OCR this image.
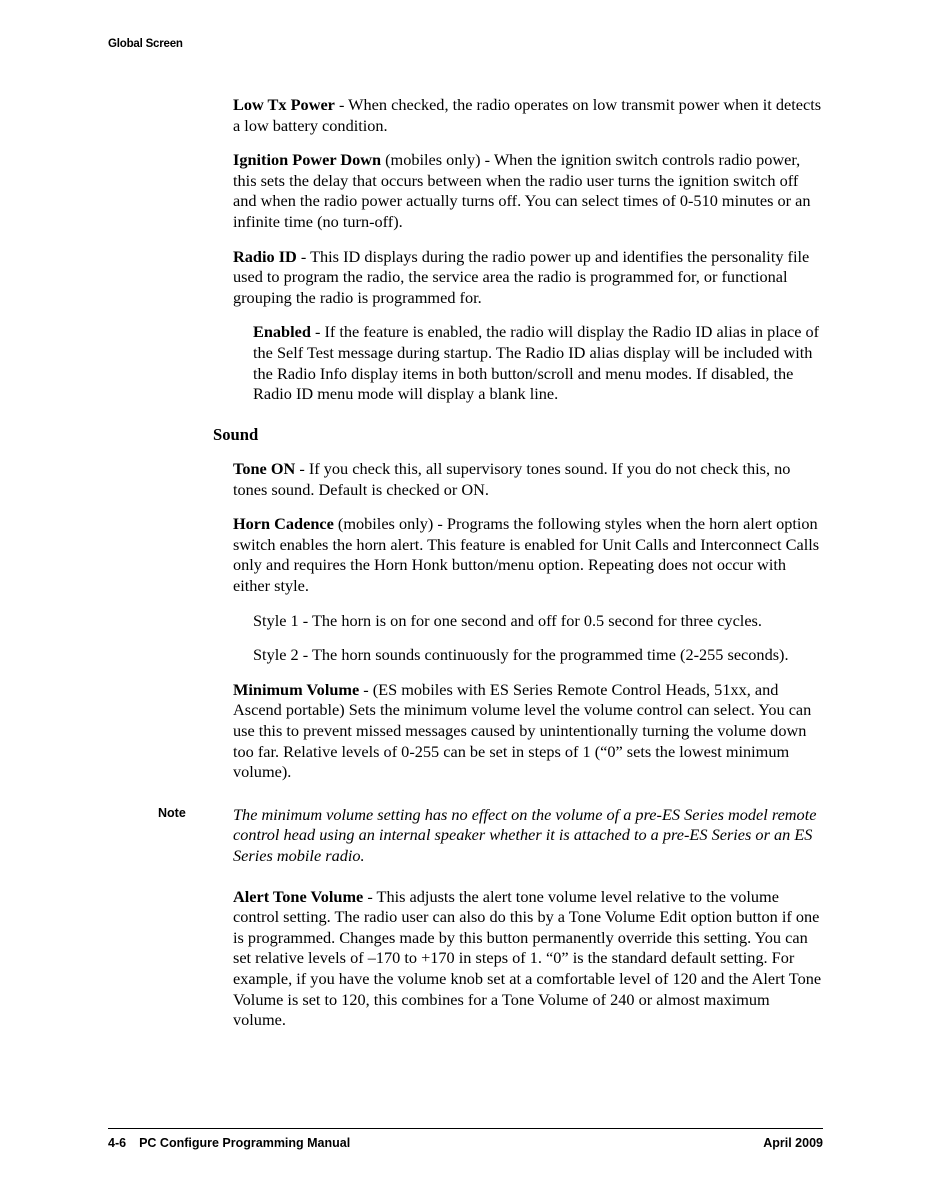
Global Screen

Low Tx Power - When checked, the radio operates on low transmit power when it detects a low battery condition.

Ignition Power Down (mobiles only) - When the ignition switch controls radio power, this sets the delay that occurs between when the radio user turns the ignition switch off and when the radio power actually turns off. You can select times of 0-510 minutes or an infinite time (no turn-off).

Radio ID - This ID displays during the radio power up and identifies the personality file used to program the radio, the service area the radio is programmed for, or functional grouping the radio is programmed for.

Enabled - If the feature is enabled, the radio will display the Radio ID alias in place of the Self Test message during startup. The Radio ID alias display will be included with the Radio Info display items in both button/scroll and menu modes. If disabled, the Radio ID menu mode will display a blank line.

Sound

Tone ON - If you check this, all supervisory tones sound. If you do not check this, no tones sound. Default is checked or ON.

Horn Cadence (mobiles only) - Programs the following styles when the horn alert option switch enables the horn alert. This feature is enabled for Unit Calls and Interconnect Calls only and requires the Horn Honk button/menu option. Repeating does not occur with either style.

Style 1 - The horn is on for one second and off for 0.5 second for three cycles.

Style 2 - The horn sounds continuously for the programmed time (2-255 seconds).

Minimum Volume - (ES mobiles with ES Series Remote Control Heads, 51xx, and Ascend portable) Sets the minimum volume level the volume control can select. You can use this to prevent missed messages caused by unintentionally turning the volume down too far. Relative levels of 0-255 can be set in steps of 1 (“0” sets the lowest minimum volume).

Note	The minimum volume setting has no effect on the volume of a pre-ES Series model remote control head using an internal speaker whether it is attached to a pre-ES Series or an ES Series mobile radio.

Alert Tone Volume - This adjusts the alert tone volume level relative to the volume control setting. The radio user can also do this by a Tone Volume Edit option button if one is programmed. Changes made by this button permanently override this setting. You can set relative levels of –170 to +170 in steps of 1. “0” is the standard default setting. For example, if you have the volume knob set at a comfortable level of 120 and the Alert Tone Volume is set to 120, this combines for a Tone Volume of 240 or almost maximum volume.

4-6 PC Configure Programming Manual	April 2009
